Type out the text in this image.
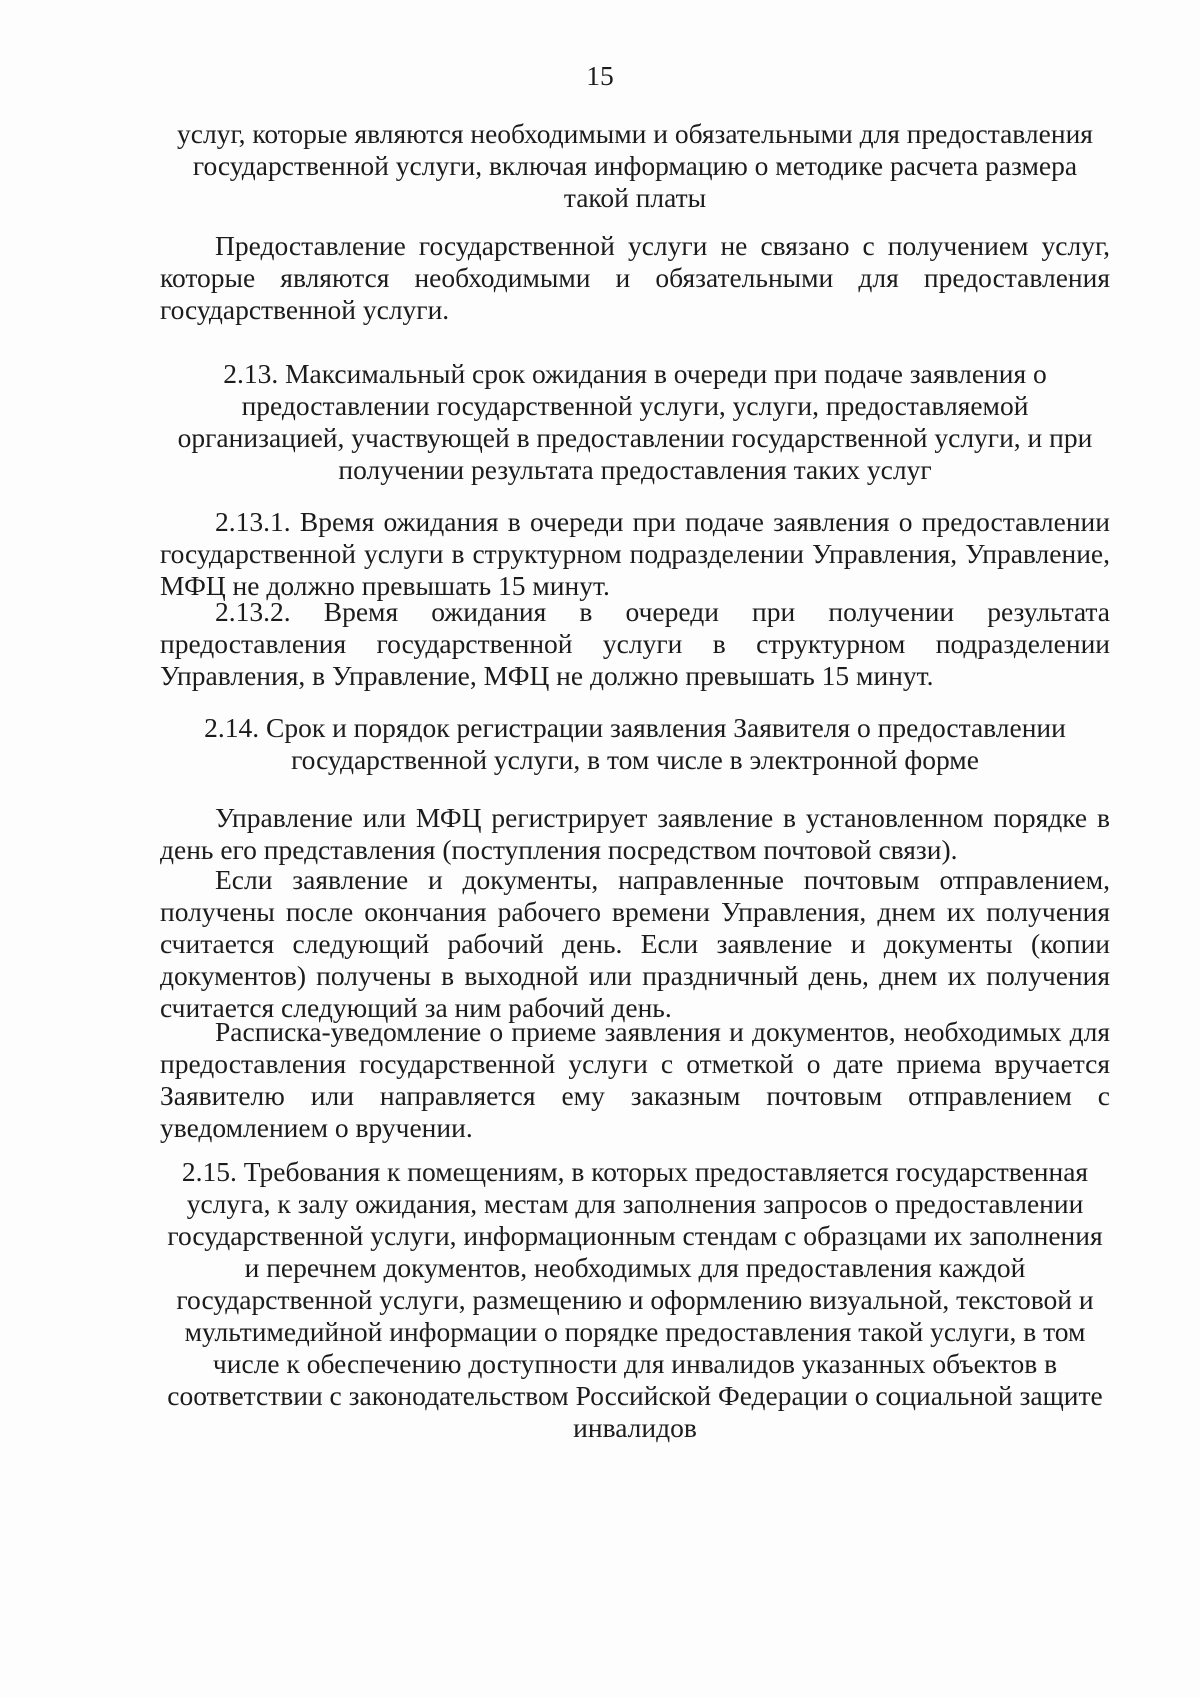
15
услуг, которые являются необходимыми и обязательными для предоставления государственной услуги, включая информацию о методике расчета размера такой платы
Предоставление государственной услуги не связано с получением услуг, которые являются необходимыми и обязательными для предоставления государственной услуги.
2.13. Максимальный срок ожидания в очереди при подаче заявления о предоставлении государственной услуги, услуги, предоставляемой организацией, участвующей в предоставлении государственной услуги, и при получении результата предоставления таких услуг
2.13.1. Время ожидания в очереди при подаче заявления о предоставлении государственной услуги в структурном подразделении Управления, Управление, МФЦ не должно превышать 15 минут.
2.13.2. Время ожидания в очереди при получении результата предоставления государственной услуги в структурном подразделении Управления, в Управление, МФЦ не должно превышать 15 минут.
2.14. Срок и порядок регистрации заявления Заявителя о предоставлении государственной услуги, в том числе в электронной форме
Управление или МФЦ регистрирует заявление в установленном порядке в день его представления (поступления посредством почтовой связи).
Если заявление и документы, направленные почтовым отправлением, получены после окончания рабочего времени Управления, днем их получения считается следующий рабочий день. Если заявление и документы (копии документов) получены в выходной или праздничный день, днем их получения считается следующий за ним рабочий день.
Расписка-уведомление о приеме заявления и документов, необходимых для предоставления государственной услуги с отметкой о дате приема вручается Заявителю или направляется ему заказным почтовым отправлением с уведомлением о вручении.
2.15. Требования к помещениям, в которых предоставляется государственная услуга, к залу ожидания, местам для заполнения запросов о предоставлении государственной услуги, информационным стендам с образцами их заполнения и перечнем документов, необходимых для предоставления каждой государственной услуги, размещению и оформлению визуальной, текстовой и мультимедийной информации о порядке предоставления такой услуги, в том числе к обеспечению доступности для инвалидов указанных объектов в соответствии с законодательством Российской Федерации о социальной защите инвалидов
